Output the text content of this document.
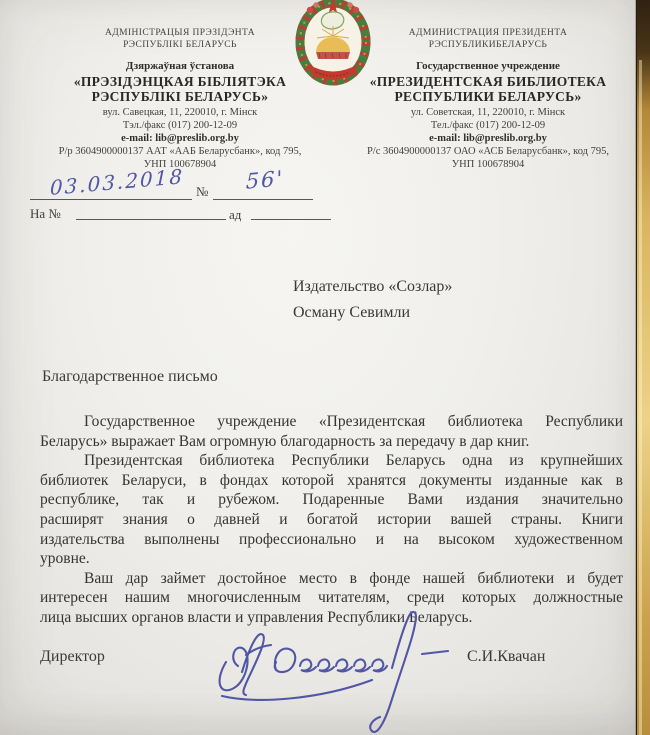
АДМІНІСТРАЦЫЯ ПРЭЗІДЭНТА
РЭСПУБЛІКІ БЕЛАРУСЬ
Дзяржаўная ўстанова
«ПРЭЗІДЭНЦКАЯ БІБЛІЯТЭКА
РЭСПУБЛІКІ БЕЛАРУСЬ»
вул. Савецкая, 11, 220010, г. Мінск
Тэл./факс (017) 200-12-09
e-mail: lib@preslib.org.by
Р/р 3604900000137 ААТ «ААБ Беларусбанк», код 795,
УНП 100678904
АДМИНИСТРАЦИЯ ПРЕЗИДЕНТА
РЭСПУБЛИКИБЕЛАРУСЬ
Государственное учреждение
«ПРЕЗИДЕНТСКАЯ БИБЛИОТЕКА
РЕСПУБЛИКИ БЕЛАРУСЬ»
ул. Советская, 11, 220010, г. Мінск
Тел./факс (017) 200-12-09
e-mail: lib@preslib.org.by
Р/с 3604900000137 ОАО «АСБ Беларусбанк», код 795,
УНП 100678904
03.03.2018 №	56'
На №	ад
Издательство «Созлар»
Осману Севимли
Благодарственное письмо
Государственное учреждение «Президентская библиотека Республики
Беларусь» выражает Вам огромную благодарность за передачу в дар книг.
Президентская библиотека Республики Беларусь одна из крупнейших
библиотек Беларуси, в фондах которой хранятся документы изданные как в
республике, так и рубежом. Подаренные Вами издания значительно
расширят знания о давней и богатой истории вашей страны. Книги
издательства выполнены профессионально и на высоком художественном
уровне.
Ваш дар займет достойное место в фонде нашей библиотеки и будет
интересен нашим многочисленным читателям, среди которых должностные
лица высших органов власти и управления Республики Беларусь.
Директор	С.И.Квачан
